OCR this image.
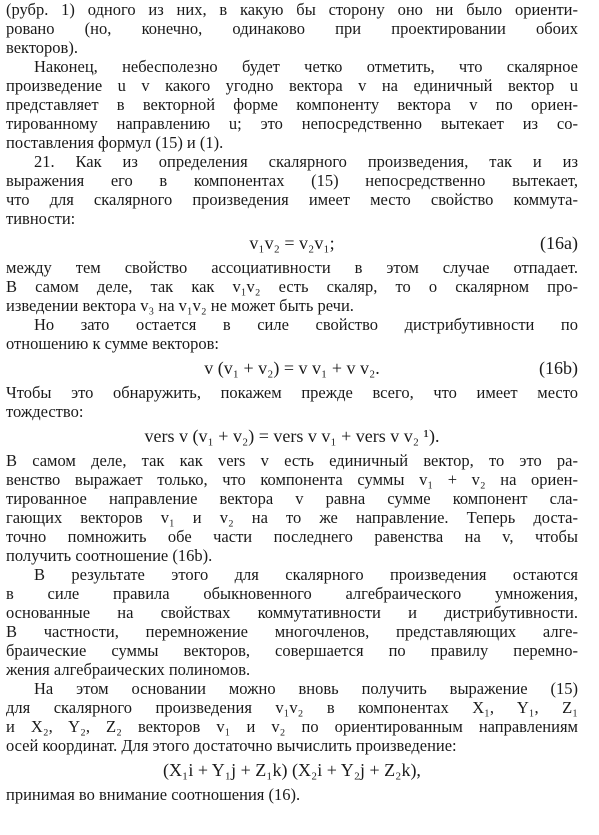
(рубр. 1) одного из них, в какую бы сторону оно ни было ориенти-
ровано (но, конечно, одинаково при проектировании обоих
векторов).
Наконец, небесполезно будет четко отметить, что скалярное
произведение u v какого угодно вектора v на единичный вектор u
представляет в векторной форме компоненту вектора v по ориен-
тированному направлению u; это непосредственно вытекает из со-
поставления формул (15) и (1).
21. Как из определения скалярного произведения, так и из
выражения его в компонентах (15) непосредственно вытекает,
что для скалярного произведения имеет место свойство коммута-
тивности:
v₁v₂ = v₂v₁;	(16a)
между тем свойство ассоциативности в этом случае отпадает.
В самом деле, так как v₁v₂ есть скаляр, то о скалярном про-
изведении вектора v₃ на v₁v₂ не может быть речи.
Но зато остается в силе свойство дистрибутивности по
отношению к сумме векторов:
v (v₁ + v₂) = v v₁ + v v₂.	(16b)
Чтобы это обнаружить, покажем прежде всего, что имеет место
тождество:
vers v (v₁ + v₂) = vers v v₁ + vers v v₂ ¹).
В самом деле, так как vers v есть единичный вектор, то это ра-
венство выражает только, что компонента суммы v₁ + v₂ на ориен-
тированное направление вектора v равна сумме компонент сла-
гающих векторов v₁ и v₂ на то же направление. Теперь доста-
точно помножить обе части последнего равенства на v, чтобы
получить соотношение (16b).
В результате этого для скалярного произведения остаются
в силе правила обыкновенного алгебраического умножения,
основанные на свойствах коммутативности и дистрибутивности.
В частности, перемножение многочленов, представляющих алге-
браические суммы векторов, совершается по правилу перемно-
жения алгебраических полиномов.
На этом основании можно вновь получить выражение (15)
для скалярного произведения v₁v₂ в компонентах X₁, Y₁, Z₁
и X₂, Y₂, Z₂ векторов v₁ и v₂ по ориентированным направлениям
осей координат. Для этого достаточно вычислить произведение:
(X₁i + Y₁j + Z₁k) (X₂i + Y₂j + Z₂k),
принимая во внимание соотношения (16).
